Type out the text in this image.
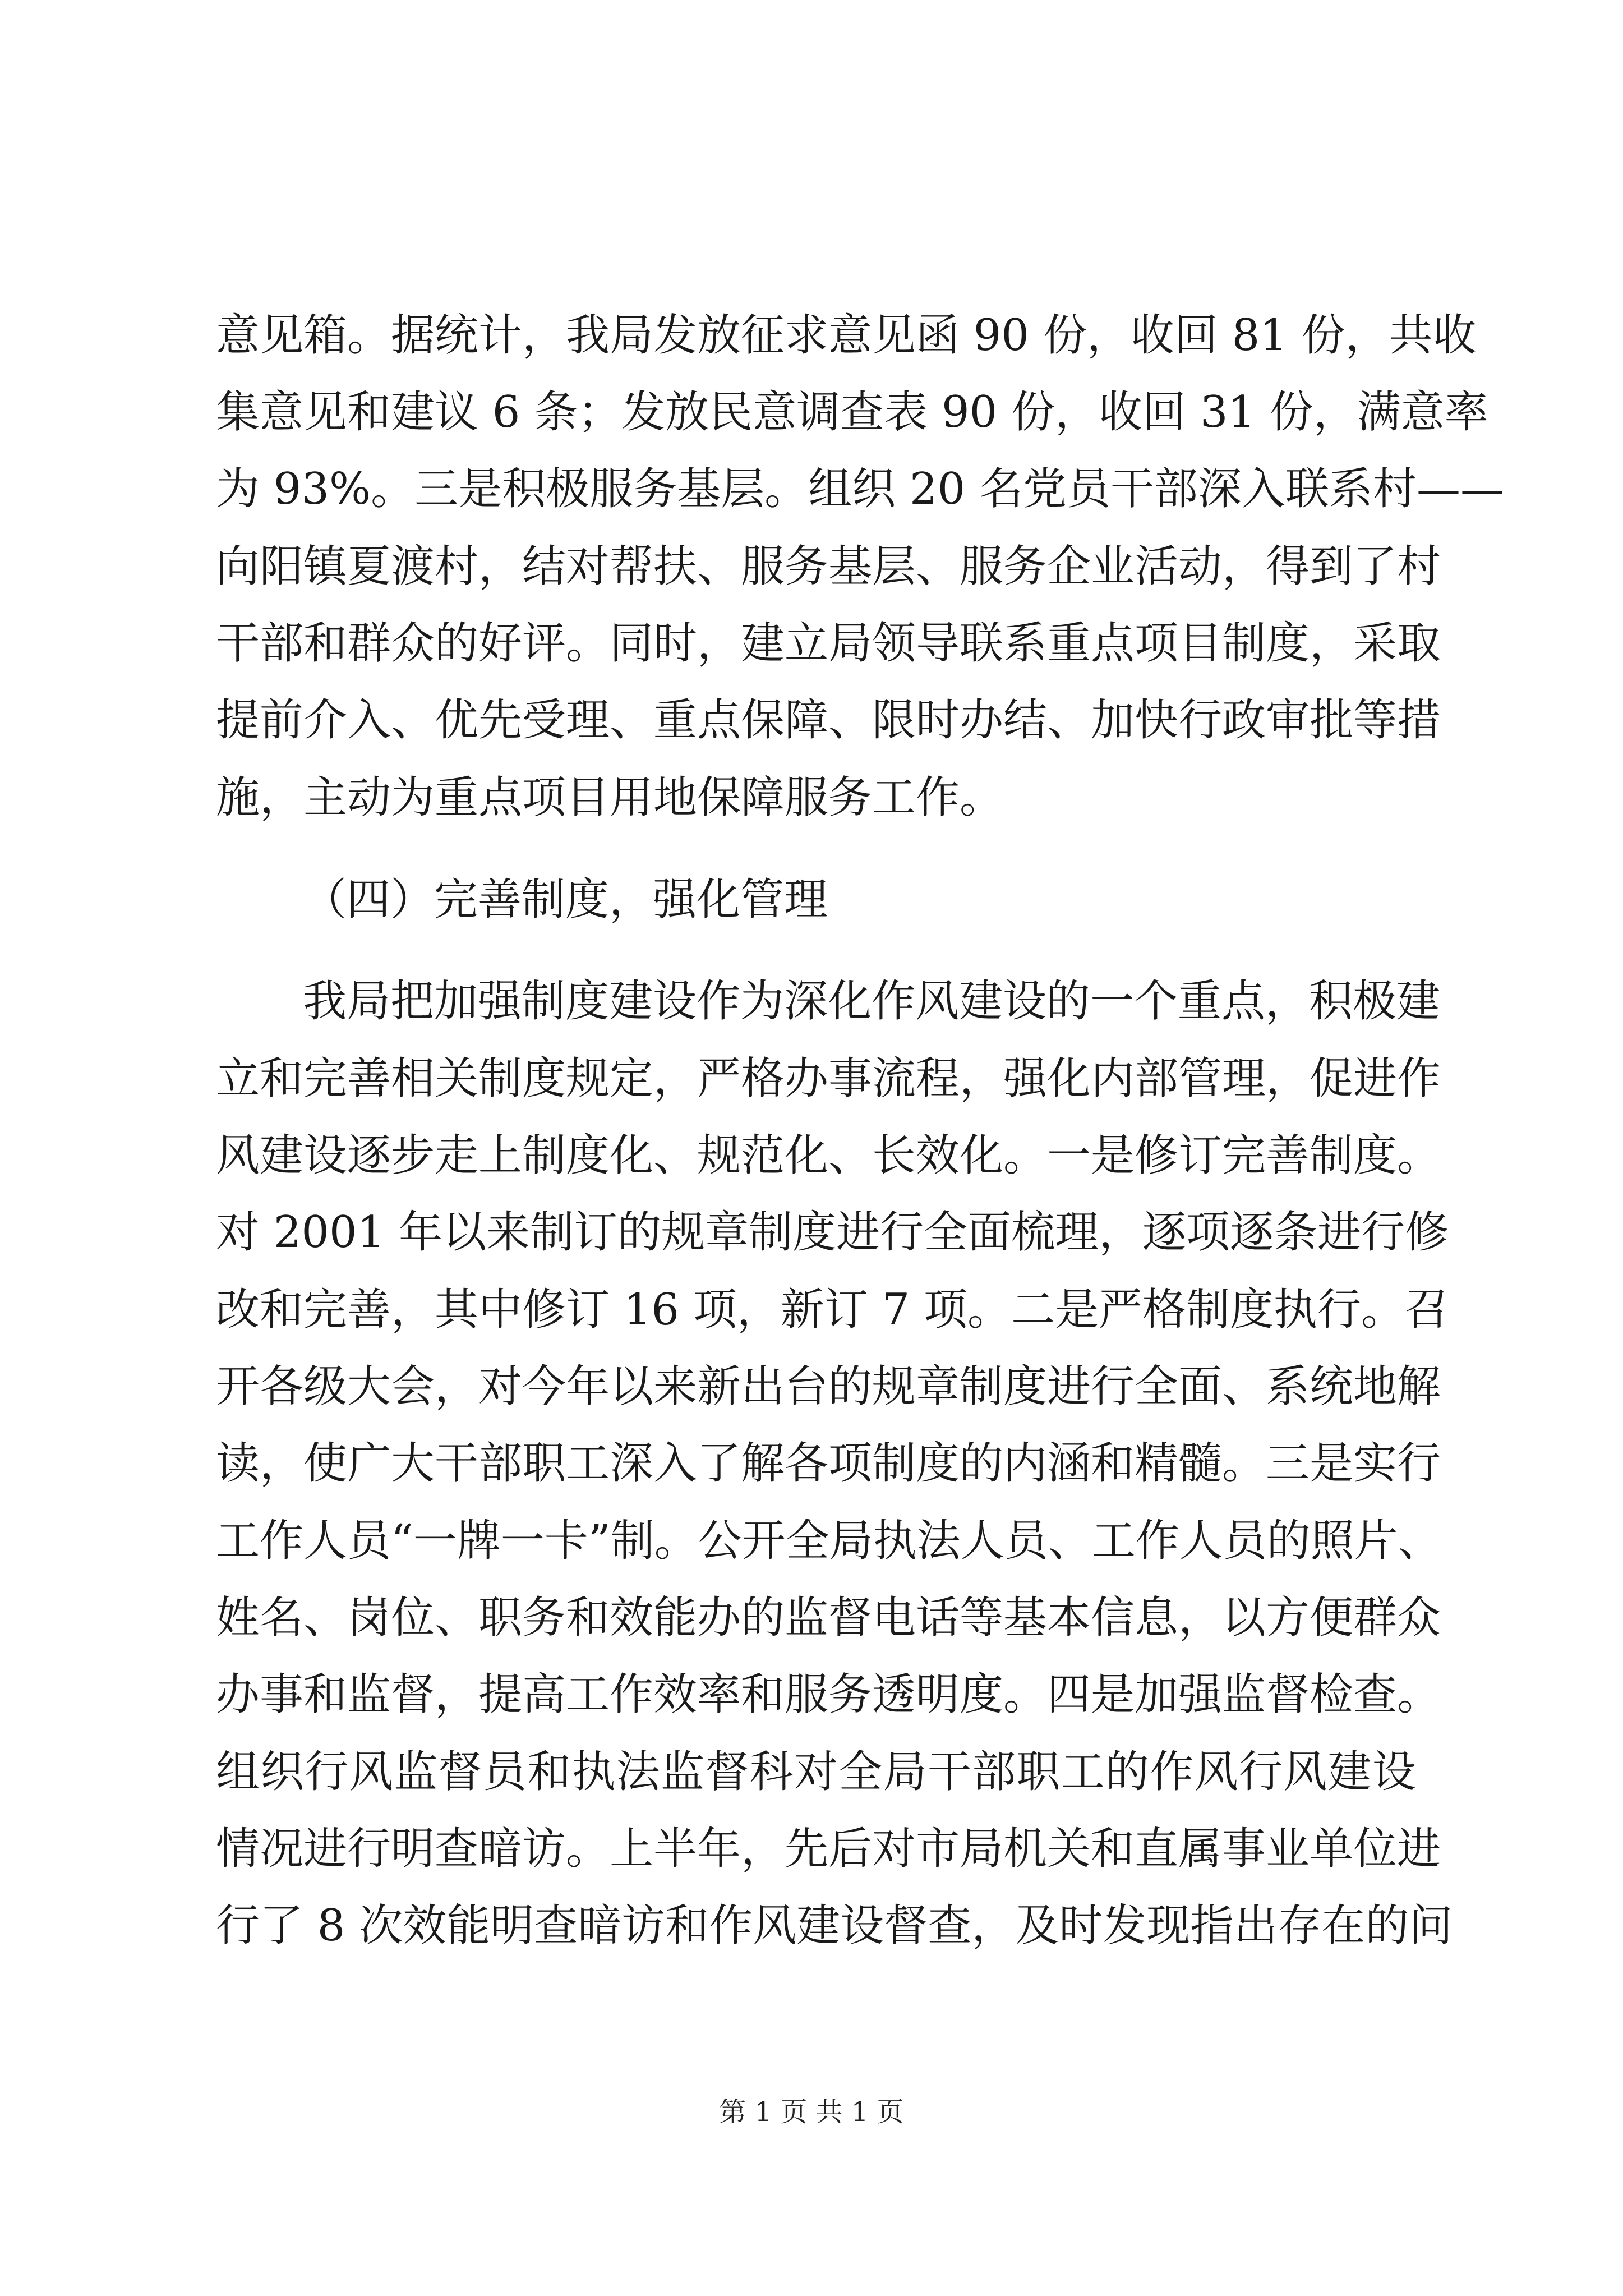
意见箱。据统计，我局发放征求意见函 90 份，收回 81 份，共收
集意见和建议 6 条；发放民意调查表 90 份，收回 31 份，满意率
为 93%。三是积极服务基层。组织 20 名党员干部深入联系村——
向阳镇夏渡村，结对帮扶、服务基层、服务企业活动，得到了村
干部和群众的好评。同时，建立局领导联系重点项目制度，采取
提前介入、优先受理、重点保障、限时办结、加快行政审批等措
施，主动为重点项目用地保障服务工作。
（四）完善制度，强化管理
我局把加强制度建设作为深化作风建设的一个重点，积极建
立和完善相关制度规定，严格办事流程，强化内部管理，促进作
风建设逐步走上制度化、规范化、长效化。一是修订完善制度。
对 2001 年以来制订的规章制度进行全面梳理，逐项逐条进行修
改和完善，其中修订 16 项，新订 7 项。二是严格制度执行。召
开各级大会，对今年以来新出台的规章制度进行全面、系统地解
读，使广大干部职工深入了解各项制度的内涵和精髓。三是实行
工作人员“一牌一卡”制。公开全局执法人员、工作人员的照片、
姓名、岗位、职务和效能办的监督电话等基本信息，以方便群众
办事和监督，提高工作效率和服务透明度。四是加强监督检查。
组织行风监督员和执法监督科对全局干部职工的作风行风建设
情况进行明查暗访。上半年，先后对市局机关和直属事业单位进
行了 8 次效能明查暗访和作风建设督查，及时发现指出存在的问
第 1 页 共 1 页
